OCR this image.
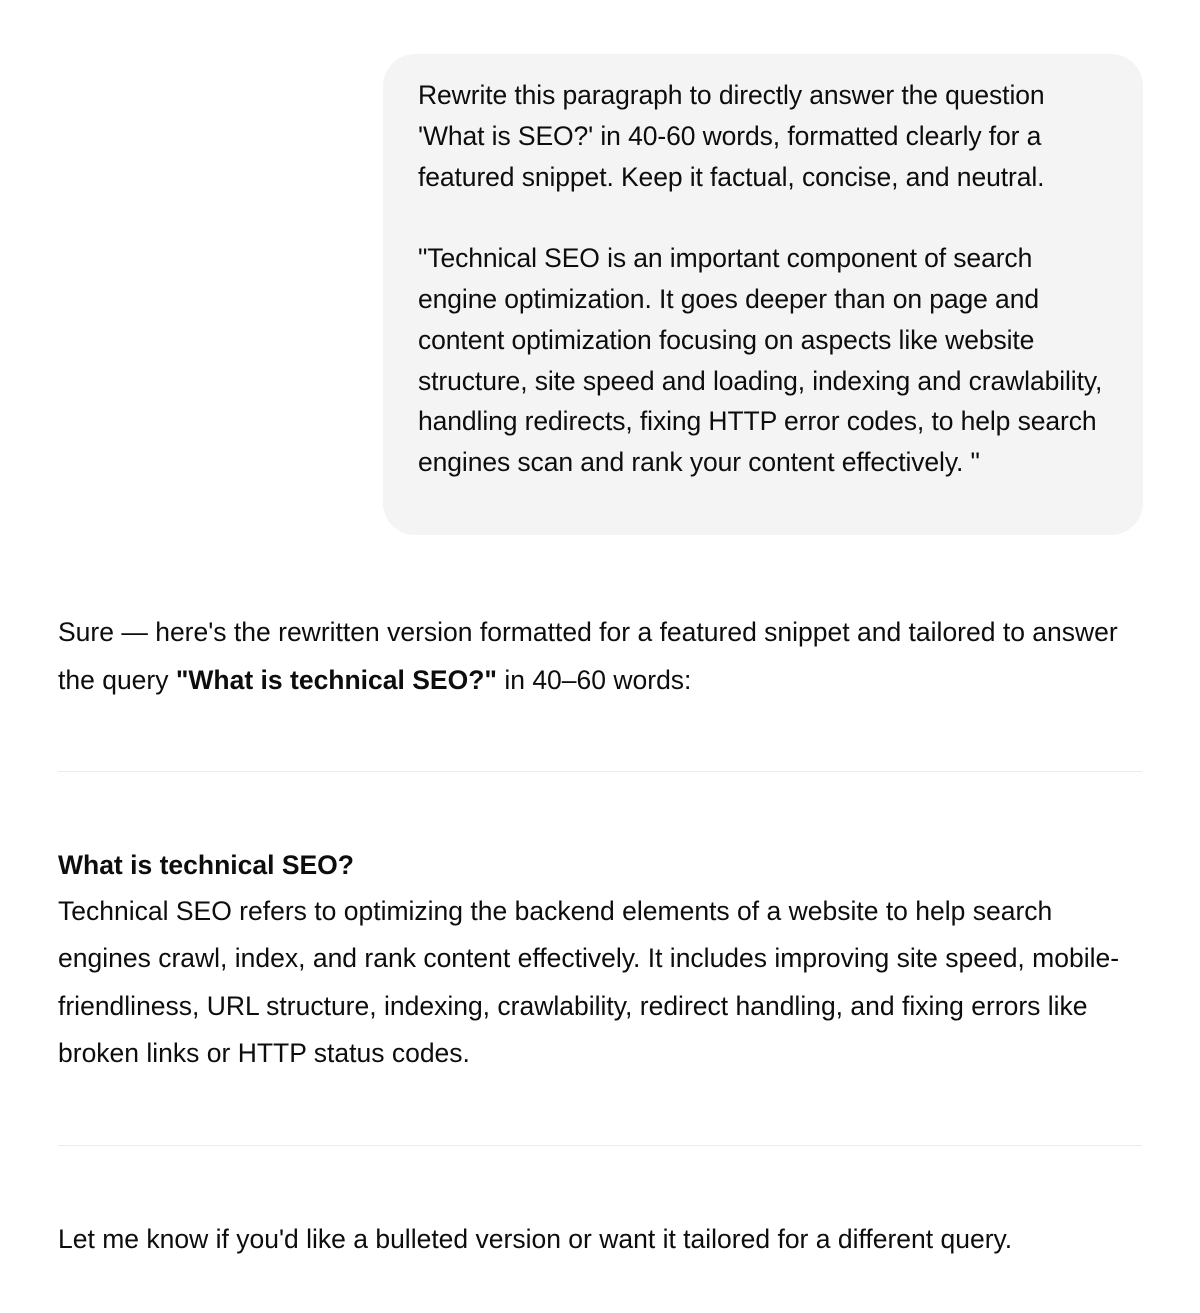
Rewrite this paragraph to directly answer the question 'What is SEO?' in 40-60 words, formatted clearly for a featured snippet. Keep it factual, concise, and neutral.

"Technical SEO is an important component of search engine optimization. It goes deeper than on page and content optimization focusing on aspects like website structure, site speed and loading, indexing and crawlability, handling redirects, fixing HTTP error codes, to help search engines scan and rank your content effectively. "

Sure — here's the rewritten version formatted for a featured snippet and tailored to answer the query "What is technical SEO?" in 40–60 words:

What is technical SEO?

Technical SEO refers to optimizing the backend elements of a website to help search engines crawl, index, and rank content effectively. It includes improving site speed, mobile-friendliness, URL structure, indexing, crawlability, redirect handling, and fixing errors like broken links or HTTP status codes.

Let me know if you'd like a bulleted version or want it tailored for a different query.
